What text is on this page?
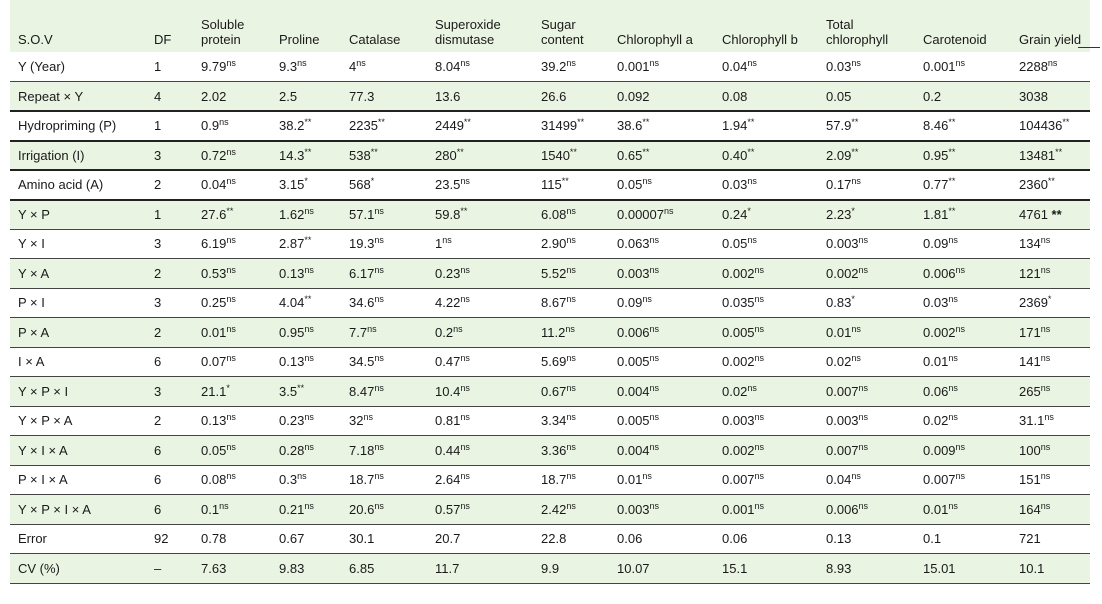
S.O.V	DF	Soluble protein	Proline	Catalase	Superoxide dismutase	Sugar content	Chlorophyll a	Chlorophyll b	Total chlorophyll	Carotenoid	Grain yield
Y (Year)	1	$9.79^{ns}$	$9.3^{ns}$	$4^{ns}$	$8.04^{ns}$	$39.2^{ns}$	$0.001^{ns}$	$0.04^{ns}$	$0.03^{ns}$	$0.001^{ns}$	$2288^{ns}$
Repeat × Y	4	2.02	2.5	77.3	13.6	26.6	0.092	0.08	0.05	0.2	3038
Hydropriming (P)	1	$0.9^{ns}$	38.2**	2235**	2449**	31499**	38.6**	1.94**	57.9**	8.46**	104436**
Irrigation (I)	3	$0.72^{ns}$	14.3**	538**	280**	1540**	0.65**	0.40**	2.09**	0.95**	13481**
Amino acid (A)	2	$0.04^{ns}$	3.15*	568*	$23.5^{ns}$	115**	$0.05^{ns}$	$0.03^{ns}$	$0.17^{ns}$	0.77**	2360**
Y × P	1	27.6**	$1.62^{ns}$	$57.1^{ns}$	59.8**	$6.08^{ns}$	$0.00007^{ns}$	0.24*	2.23*	1.81**	4761 **
Y × I	3	$6.19^{ns}$	2.87**	$19.3^{ns}$	$1^{ns}$	$2.90^{ns}$	$0.063^{ns}$	$0.05^{ns}$	$0.003^{ns}$	$0.09^{ns}$	$134^{ns}$
Y × A	2	$0.53^{ns}$	$0.13^{ns}$	$6.17^{ns}$	$0.23^{ns}$	$5.52^{ns}$	$0.003^{ns}$	$0.002^{ns}$	$0.002^{ns}$	$0.006^{ns}$	$121^{ns}$
P × I	3	$0.25^{ns}$	4.04**	$34.6^{ns}$	$4.22^{ns}$	$8.67^{ns}$	$0.09^{ns}$	$0.035^{ns}$	0.83*	$0.03^{ns}$	2369*
P × A	2	$0.01^{ns}$	$0.95^{ns}$	$7.7^{ns}$	$0.2^{ns}$	$11.2^{ns}$	$0.006^{ns}$	$0.005^{ns}$	$0.01^{ns}$	$0.002^{ns}$	$171^{ns}$
I × A	6	$0.07^{ns}$	$0.13^{ns}$	$34.5^{ns}$	$0.47^{ns}$	$5.69^{ns}$	$0.005^{ns}$	$0.002^{ns}$	$0.02^{ns}$	$0.01^{ns}$	$141^{ns}$
Y × P × I	3	21.1*	3.5**	$8.47^{ns}$	$10.4^{ns}$	$0.67^{ns}$	$0.004^{ns}$	$0.02^{ns}$	$0.007^{ns}$	$0.06^{ns}$	$265^{ns}$
Y × P × A	2	$0.13^{ns}$	$0.23^{ns}$	$32^{ns}$	$0.81^{ns}$	$3.34^{ns}$	$0.005^{ns}$	$0.003^{ns}$	$0.003^{ns}$	$0.02^{ns}$	$31.1^{ns}$
Y × I × A	6	$0.05^{ns}$	$0.28^{ns}$	$7.18^{ns}$	$0.44^{ns}$	$3.36^{ns}$	$0.004^{ns}$	$0.002^{ns}$	$0.007^{ns}$	$0.009^{ns}$	$100^{ns}$
P × I × A	6	$0.08^{ns}$	$0.3^{ns}$	$18.7^{ns}$	$2.64^{ns}$	$18.7^{ns}$	$0.01^{ns}$	$0.007^{ns}$	$0.04^{ns}$	$0.007^{ns}$	$151^{ns}$
Y × P × I × A	6	$0.1^{ns}$	$0.21^{ns}$	$20.6^{ns}$	$0.57^{ns}$	$2.42^{ns}$	$0.003^{ns}$	$0.001^{ns}$	$0.006^{ns}$	$0.01^{ns}$	$164^{ns}$
Error	92	0.78	0.67	30.1	20.7	22.8	0.06	0.06	0.13	0.1	721
CV (%)	–	7.63	9.83	6.85	11.7	9.9	10.07	15.1	8.93	15.01	10.1
